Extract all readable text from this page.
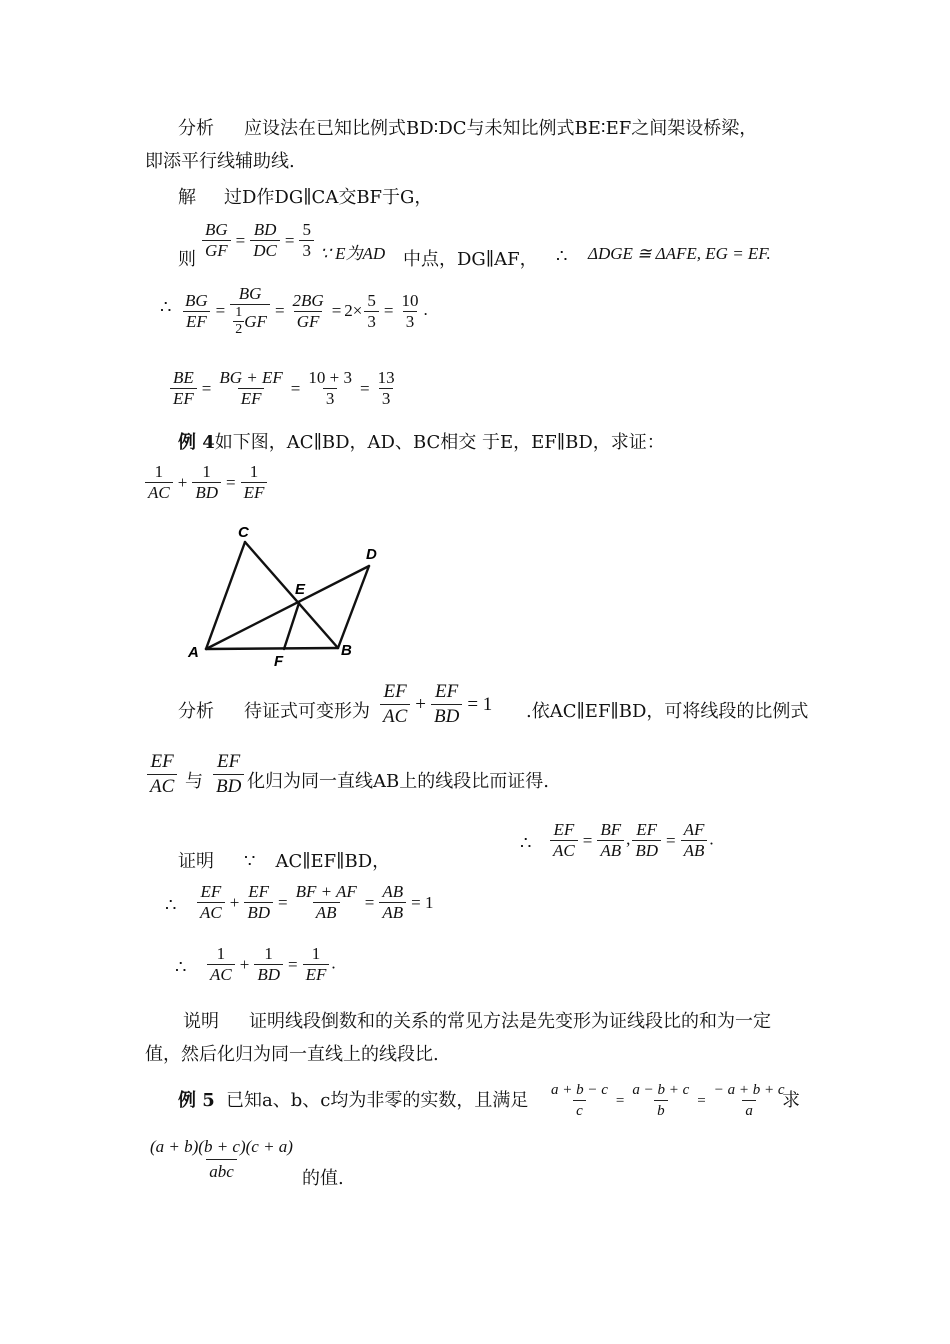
分析 应设法在已知比例式BD∶DC与未知比例式BE∶EF之间架设桥梁，
即添平行线辅助线.
解 过D作DG∥CA交BF于G，
则 $\frac{BG}{GF} = \frac{BD}{DC} = \frac{5}{3}$ ∵ E为AD 中点，DG∥AF， ∴ ΔDGE ≅ ΔAFE, EG = EF.
∴ $\frac{BG}{EF}$ = BG
1
2 GF = $\frac{2BG}{GF} = 2\times \frac{5}{3} = \frac{10}{3}$ .
$\frac{BE}{EF} = \frac{BG + EF}{EF} = \frac{10 + 3}{3} = \frac{13}{3}$
例 4如下图，AC∥BD，AD、BC相交 于E，EF∥BD，求证：
$\frac{1}{AC} + \frac{1}{BD} = \frac{1}{EF}$
C
D
E
A	B
F
分析 待证式可变形为 $\frac{EF}{AC} + \frac{EF}{BD} = 1$ .依AC∥EF∥BD，可将线段的比例式
$\frac{EF}{AC}$ 与 $\frac{EF}{BD}$ 化归为同一直线AB上的线段比而证得.
∴ $\frac{EF}{AC} = \frac{BF}{AB}$ , $\frac{EF}{BD} = \frac{AF}{AB}$ .
证明 ∵ AC∥EF∥BD，
∴ $\frac{EF}{AC} + \frac{EF}{BD} = \frac{BF + AF}{AB} = \frac{AB}{AB} = 1$
∴ $\frac{1}{AC} + \frac{1}{BD} = \frac{1}{EF}$ .
说明 证明线段倒数和的关系的常见方法是先变形为证线段比的和为一定
值，然后化归为同一直线上的线段比.
例 5 已知a、b、c均为非零的实数，且满足 $\frac{a + b - c}{c} = \frac{a - b + c}{b} = \frac{- a + b + c}{a}$
求
$\frac{(a + b)(b + c)(c + a)}{\text{abc}}$ 的值.
